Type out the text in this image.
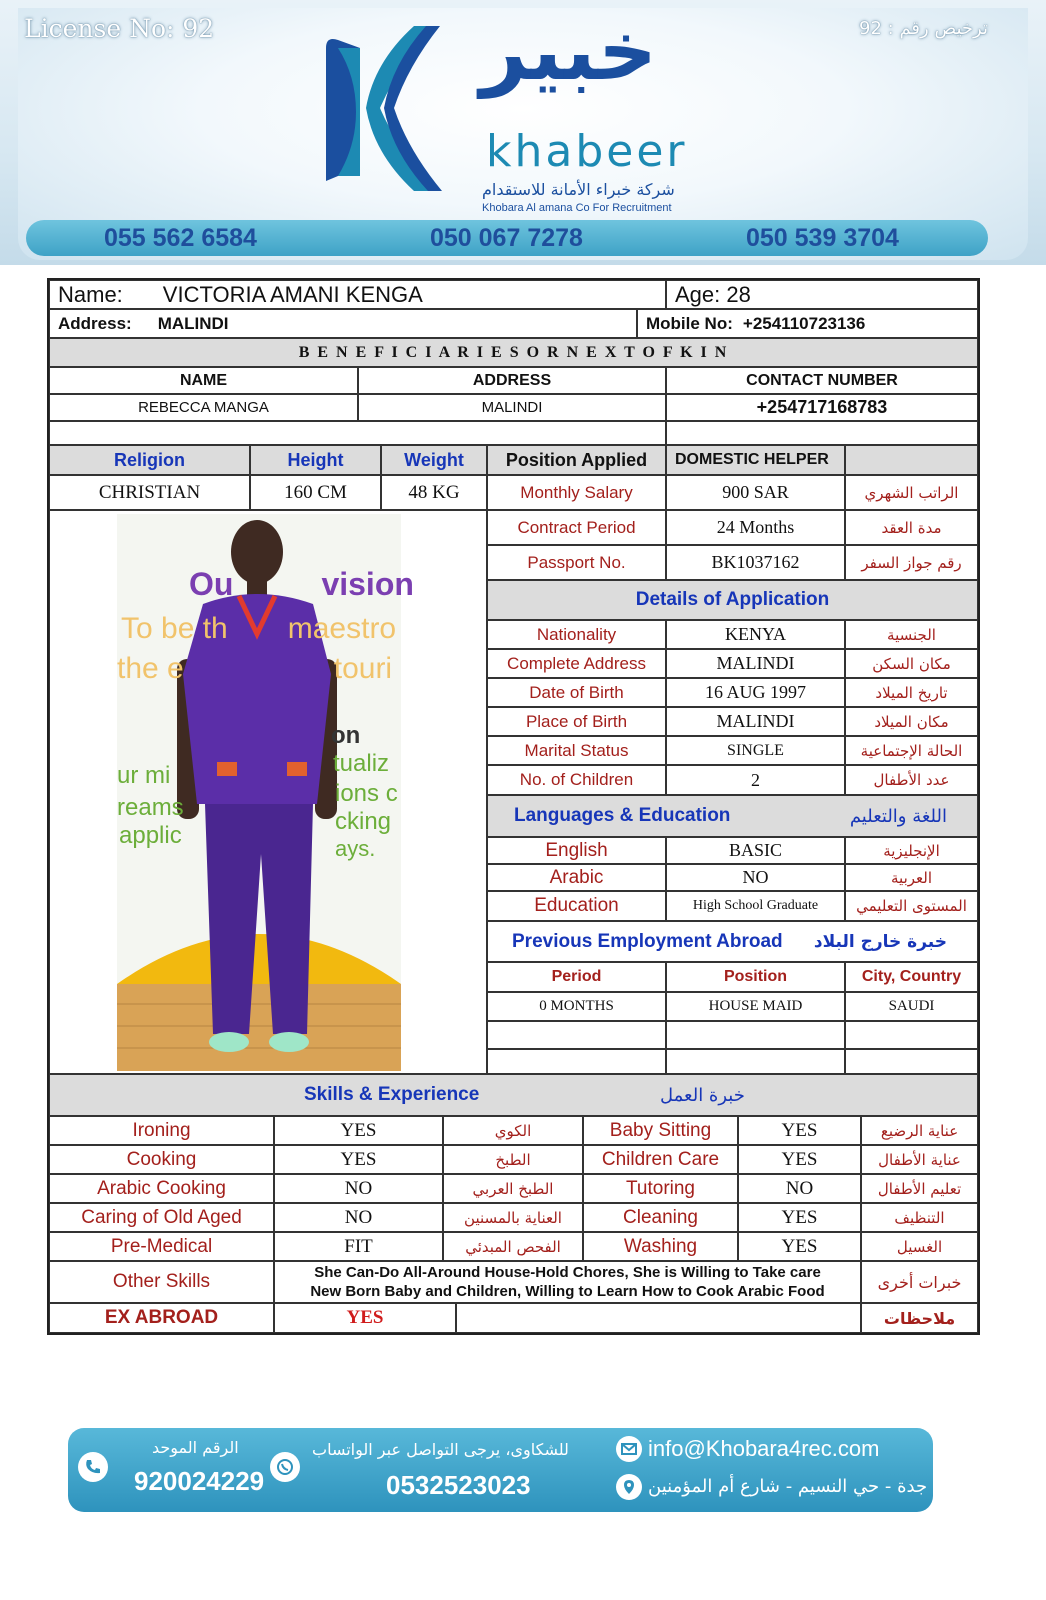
License No: 92	ترخيص رقم : 92
خبير
khabeer
شركة خبراء الأمانة للاستقدام
Khobara Al amana Co For Recruitment
055 562 6584	050 067 7278	050 539 3704
Name: VICTORIA AMANI KENGA	Age: 28
Address: MALINDI	Mobile No: +254110723136
B E N E F I C I A R I E S O R N E X T O F K I N
NAME	ADDRESS	CONTACT NUMBER
REBECCA MANGA	MALINDI	+254717168783
Religion	Height	Weight	Position Applied	DOMESTIC HELPER
CHRISTIAN	160 CM	48 KG	Monthly Salary	900 SAR	الراتب الشهري
Contract Period	24 Months	مدة العقد
Passport No.	BK1037162	رقم جواز السفر
Details of Application
Nationality	KENYA	الجنسية
Complete Address	MALINDI	مكان السكن
Date of Birth	16 AUG 1997	تاريخ الميلاد
Place of Birth	MALINDI	مكان الميلاد
Marital Status	SINGLE	الحالة الإجتماعية
No. of Children	2	عدد الأطفال
Languages & Education	اللغة والتعليم
English	BASIC	الإنجليزية
Arabic	NO	العربية
Education	High School Graduate	المستوى التعليمي
Previous Employment Abroad خبرة خارج البلاد
Period	Position	City, Country
0 MONTHS	HOUSE MAID	SAUDI
Ou	vision
To be th maestro
the e	touri
on
ur mi	tualiz
reams
ions c
applic
cking
ays.
Skills & Experience	خبرة العمل
Ironing	YES	الكوي	Baby Sitting	YES	عناية الرضيع
Cooking	YES	الطبخ	Children Care	YES	عناية الأطفال
Arabic Cooking	NO	الطبخ العربي	Tutoring	NO	تعليم الأطفال
Caring of Old Aged	NO	العناية بالمسنين	Cleaning	YES	التنظيف
Pre-Medical	FIT	الفحص المبدئي	Washing	YES	الغسيل
Other Skills	She Can-Do All-Around House-Hold Chores, She is Willing to Take care
New Born Baby and Children, Willing to Learn How to Cook Arabic Food	خبرات أخرى
EX ABROAD	YES	ملاحظات
الرقم الموحد
920024229
للشكاوى، يرجى التواصل عبر الواتساب
0532523023
info@Khobara4rec.com
جدة - حي النسيم - شارع أم المؤمنين
